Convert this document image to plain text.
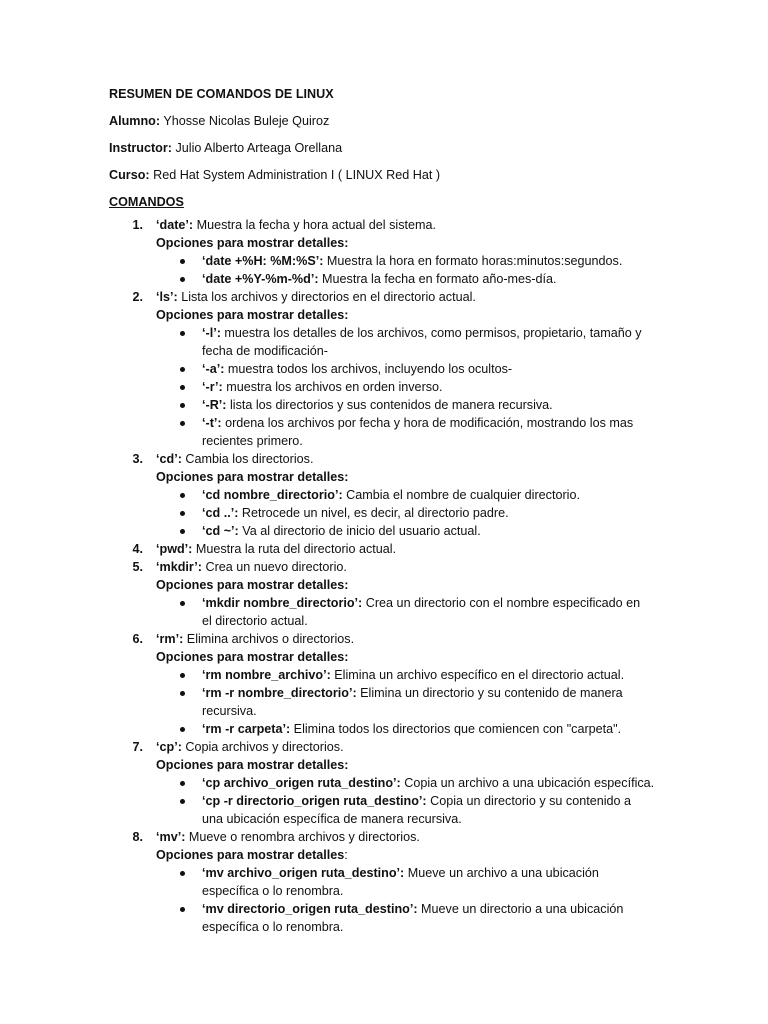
RESUMEN DE COMANDOS DE LINUX
Alumno: Yhosse Nicolas Buleje Quiroz
Instructor: Julio Alberto Arteaga Orellana
Curso: Red Hat System Administration I ( LINUX Red Hat )
COMANDOS
1. ‘date’: Muestra la fecha y hora actual del sistema.
Opciones para mostrar detalles:
‘date +%H: %M:%S’: Muestra la hora en formato horas:minutos:segundos.
‘date +%Y-%m-%d’: Muestra la fecha en formato año-mes-día.
2. ‘ls’: Lista los archivos y directorios en el directorio actual.
Opciones para mostrar detalles:
‘-l’: muestra los detalles de los archivos, como permisos, propietario, tamaño y
fecha de modificación-
‘-a’: muestra todos los archivos, incluyendo los ocultos-
‘-r’: muestra los archivos en orden inverso.
‘-R’: lista los directorios y sus contenidos de manera recursiva.
‘-t’: ordena los archivos por fecha y hora de modificación, mostrando los mas
recientes primero.
3. ‘cd’: Cambia los directorios.
Opciones para mostrar detalles:
‘cd nombre_directorio’: Cambia el nombre de cualquier directorio.
‘cd ..’: Retrocede un nivel, es decir, al directorio padre.
‘cd ~’: Va al directorio de inicio del usuario actual.
4. ‘pwd’: Muestra la ruta del directorio actual.
5. ‘mkdir’: Crea un nuevo directorio.
Opciones para mostrar detalles:
‘mkdir nombre_directorio’: Crea un directorio con el nombre especificado en
el directorio actual.
6. ‘rm’: Elimina archivos o directorios.
Opciones para mostrar detalles:
‘rm nombre_archivo’: Elimina un archivo específico en el directorio actual.
‘rm -r nombre_directorio’: Elimina un directorio y su contenido de manera
recursiva.
‘rm -r carpeta’: Elimina todos los directorios que comiencen con "carpeta".
7. ‘cp’: Copia archivos y directorios.
Opciones para mostrar detalles:
‘cp archivo_origen ruta_destino’: Copia un archivo a una ubicación específica.
‘cp -r directorio_origen ruta_destino’: Copia un directorio y su contenido a
una ubicación específica de manera recursiva.
8. ‘mv’: Mueve o renombra archivos y directorios.
Opciones para mostrar detalles:
‘mv archivo_origen ruta_destino’: Mueve un archivo a una ubicación
específica o lo renombra.
‘mv directorio_origen ruta_destino’: Mueve un directorio a una ubicación
específica o lo renombra.
